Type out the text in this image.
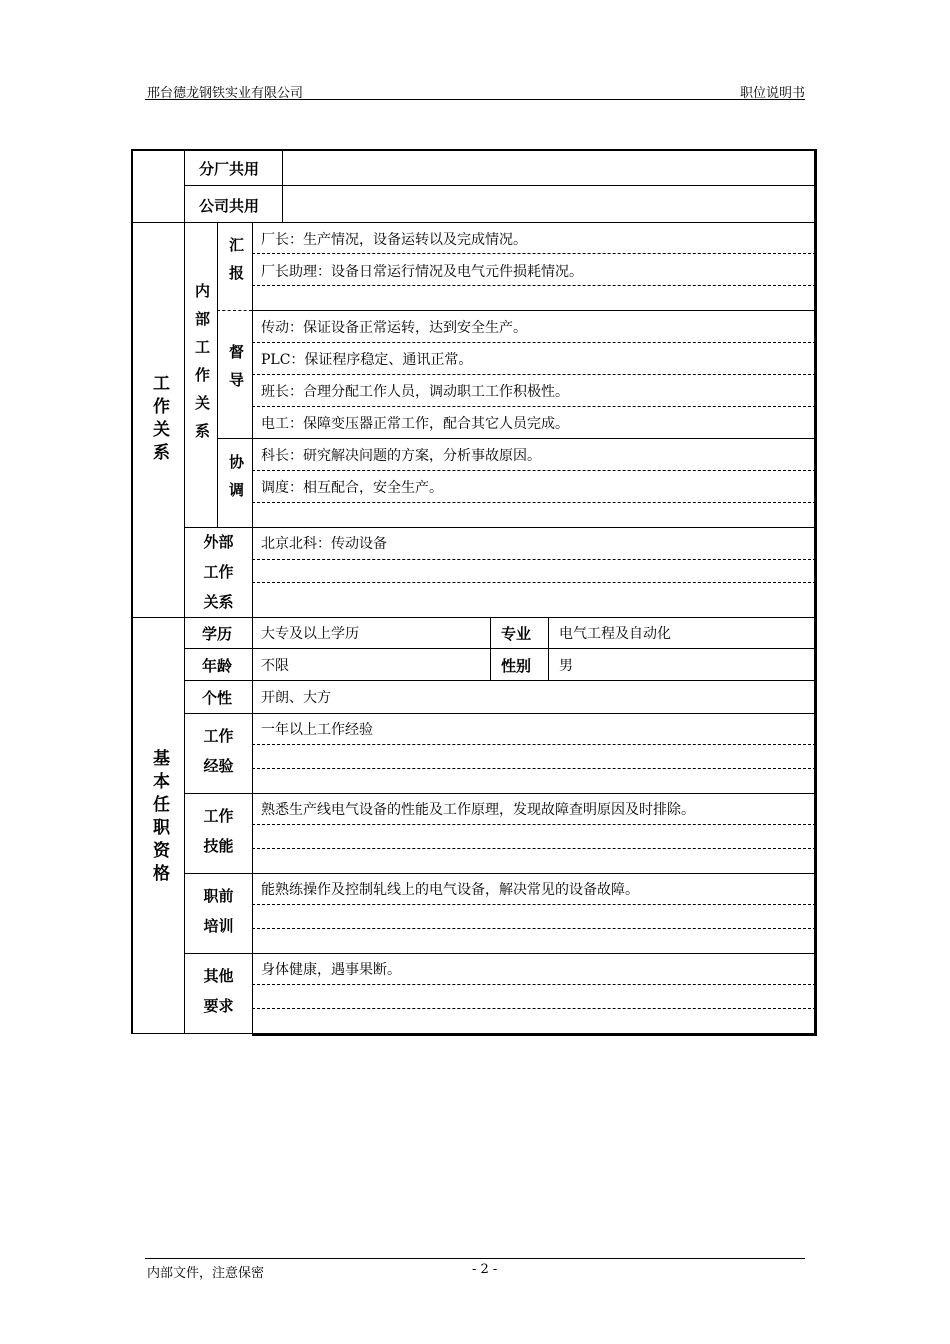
邢台德龙钢铁实业有限公司	职位说明书
分厂共用
公司共用
工作关系 内部工作关系
汇报 厂长：生产情况，设备运转以及完成情况。
厂长助理：设备日常运行情况及电气元件损耗情况。
督导
传动：保证设备正常运转，达到安全生产。
PLC：保证程序稳定、通讯正常。
班长：合理分配工作人员，调动职工工作积极性。
电工：保障变压器正常工作，配合其它人员完成。
协调 科长：研究解决问题的方案，分析事故原因。
调度：相互配合，安全生产。
外部
工作
关系
北京北科：传动设备
基本任职资格
学历 大专及以上学历	专业 电气工程及自动化
年龄 不限	性别 男
个性 开朗、大方
工作
经验
一年以上工作经验
工作
技能
熟悉生产线电气设备的性能及工作原理，发现故障查明原因及时排除。
职前
培训
能熟练操作及控制轧线上的电气设备，解决常见的设备故障。
其他
要求
身体健康，遇事果断。
内部文件，注意保密	- 2 -
